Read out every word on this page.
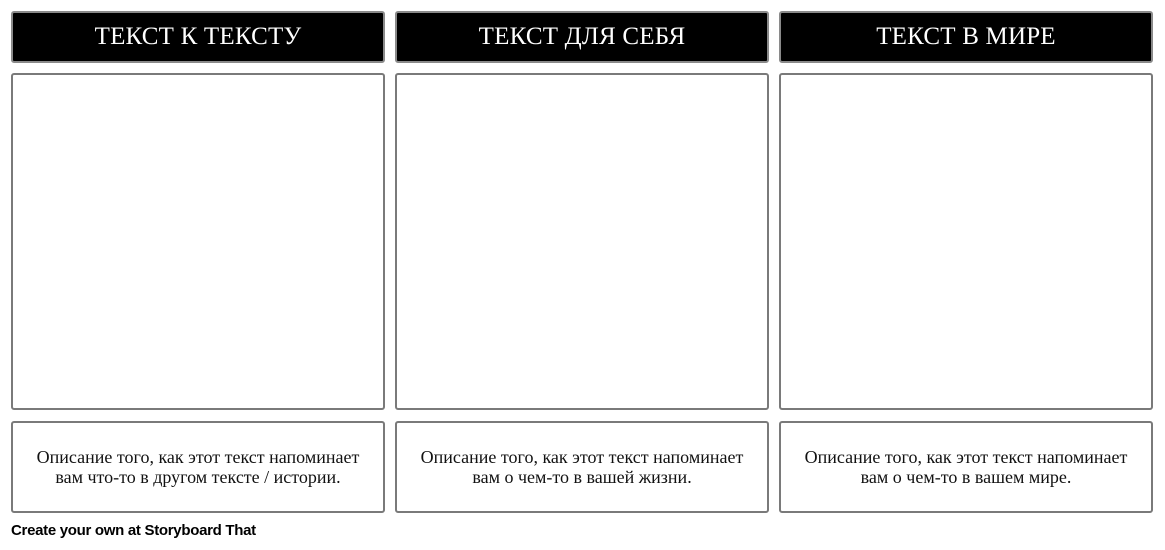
ТЕКСТ К ТЕКСТУ
Описание того, как этот текст напоминает вам что-то в другом тексте / истории.
ТЕКСТ ДЛЯ СЕБЯ
Описание того, как этот текст напоминает вам о чем-то в вашей жизни.
ТЕКСТ В МИРЕ
Описание того, как этот текст напоминает вам о чем-то в вашем мире.
Create your own at Storyboard That
